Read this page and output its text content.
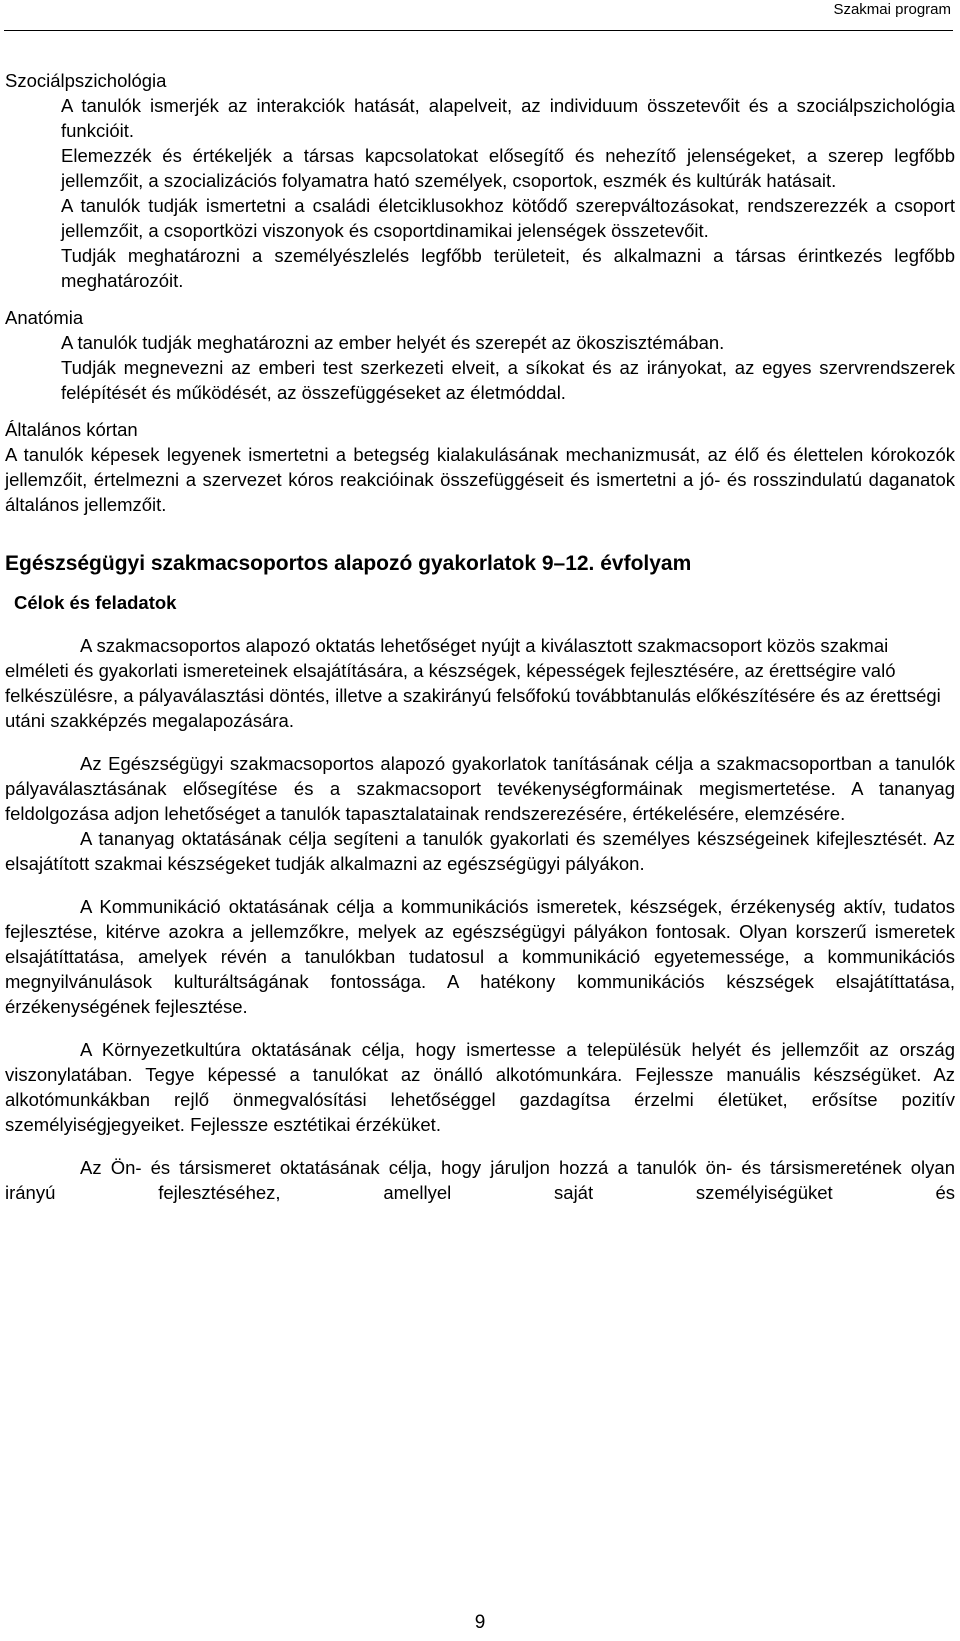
Szakmai program

Szociálpszichológia

A tanulók ismerjék az interakciók hatását, alapelveit, az individuum összetevőit és a szociálpszichológia funkcióit.

Elemezzék és értékeljék a társas kapcsolatokat elősegítő és nehezítő jelenségeket, a szerep legfőbb jellemzőit, a szocializációs folyamatra ható személyek, csoportok, eszmék és kultúrák hatásait.

A tanulók tudják ismertetni a családi életciklusokhoz kötődő szerepváltozásokat, rendszerezzék a csoport jellemzőit, a csoportközi viszonyok és csoportdinamikai jelenségek összetevőit.

Tudják meghatározni a személyészlelés legfőbb területeit, és alkalmazni a társas érintkezés legfőbb meghatározóit.

Anatómia

A tanulók tudják meghatározni az ember helyét és szerepét az ökoszisztémában.

Tudják megnevezni az emberi test szerkezeti elveit, a síkokat és az irányokat, az egyes szervrendszerek felépítését és működését, az összefüggéseket az életmóddal.

Általános kórtan

A tanulók képesek legyenek ismertetni a betegség kialakulásának mechanizmusát, az élő és élettelen kórokozók jellemzőit, értelmezni a szervezet kóros reakcióinak összefüggéseit és ismertetni a jó- és rosszindulatú daganatok általános jellemzőit.

Egészségügyi szakmacsoportos alapozó gyakorlatok 9–12. évfolyam

Célok és feladatok

A szakmacsoportos alapozó oktatás lehetőséget nyújt a kiválasztott szakmacsoport közös szakmai elméleti és gyakorlati ismereteinek elsajátítására, a készségek, képességek fejlesztésére, az érettségire való felkészülésre, a pályaválasztási döntés, illetve a szakirányú felsőfokú továbbtanulás előkészítésére és az érettségi utáni szakképzés megalapozására.

Az Egészségügyi szakmacsoportos alapozó gyakorlatok tanításának célja a szakmacsoportban a tanulók pályaválasztásának elősegítése és a szakmacsoport tevékenységformáinak megismertetése. A tananyag feldolgozása adjon lehetőséget a tanulók tapasztalatainak rendszerezésére, értékelésére, elemzésére.

A tananyag oktatásának célja segíteni a tanulók gyakorlati és személyes készségeinek kifejlesztését. Az elsajátított szakmai készségeket tudják alkalmazni az egészségügyi pályákon.

A Kommunikáció oktatásának célja a kommunikációs ismeretek, készségek, érzékenység aktív, tudatos fejlesztése, kitérve azokra a jellemzőkre, melyek az egészségügyi pályákon fontosak. Olyan korszerű ismeretek elsajátíttatása, amelyek révén a tanulókban tudatosul a kommunikáció egyetemessége, a kommunikációs megnyilvánulások kulturáltságának fontossága. A hatékony kommunikációs készségek elsajátíttatása, érzékenységének fejlesztése.

A Környezetkultúra oktatásának célja, hogy ismertesse a településük helyét és jellemzőit az ország viszonylatában. Tegye képessé a tanulókat az önálló alkotómunkára. Fejlessze manuális készségüket. Az alkotómunkákban rejlő önmegvalósítási lehetőséggel gazdagítsa érzelmi életüket, erősítse pozitív személyiségjegyeiket. Fejlessze esztétikai érzéküket.

Az Ön- és társismeret oktatásának célja, hogy járuljon hozzá a tanulók ön- és társismeretének olyan irányú fejlesztéséhez, amellyel saját személyiségüket és

9
